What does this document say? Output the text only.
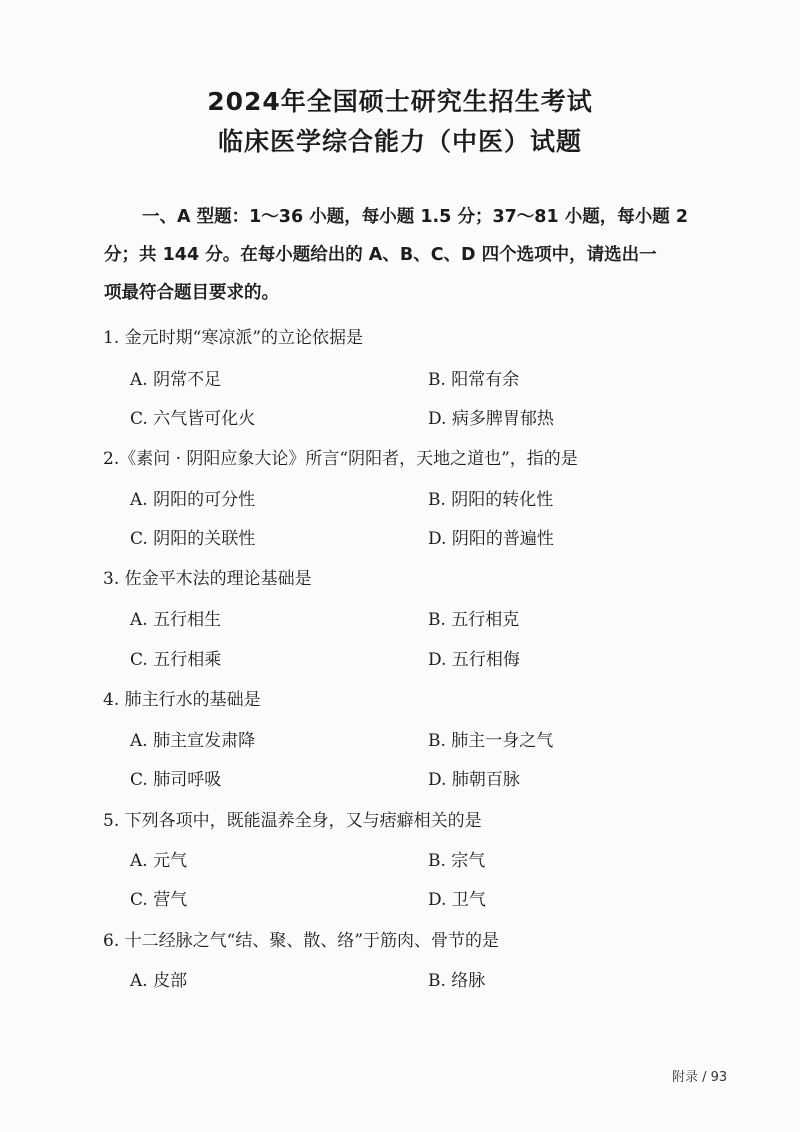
2024年全国硕士研究生招生考试
临床医学综合能力（中医）试题
一、A 型题：1～36 小题，每小题 1.5 分；37～81 小题，每小题 2
分；共 144 分。在每小题给出的 A、B、C、D 四个选项中，请选出一
项最符合题目要求的。
1. 金元时期“寒凉派”的立论依据是
A. 阴常不足	B. 阳常有余
C. 六气皆可化火	D. 病多脾胃郁热
2.《素问 · 阴阳应象大论》所言“阴阳者，天地之道也”，指的是
A. 阴阳的可分性	B. 阴阳的转化性
C. 阴阳的关联性	D. 阴阳的普遍性
3. 佐金平木法的理论基础是
A. 五行相生	B. 五行相克
C. 五行相乘	D. 五行相侮
4. 肺主行水的基础是
A. 肺主宣发肃降	B. 肺主一身之气
C. 肺司呼吸	D. 肺朝百脉
5. 下列各项中，既能温养全身，又与痞癖相关的是
A. 元气	B. 宗气
C. 营气	D. 卫气
6. 十二经脉之气“结、聚、散、络”于筋肉、骨节的是
A. 皮部	B. 络脉
附录 / 93
